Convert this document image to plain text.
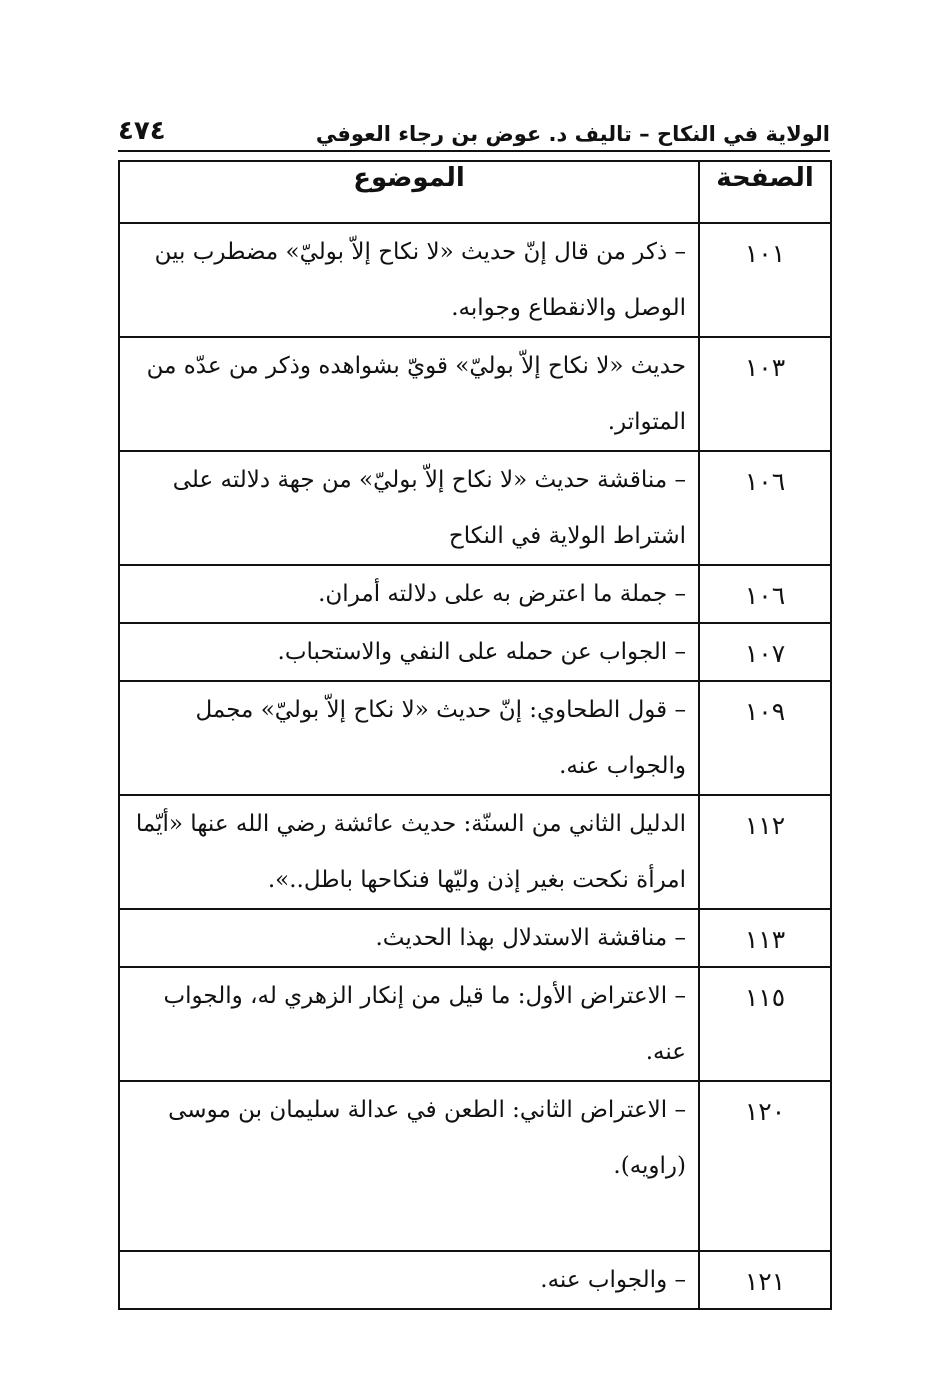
الولاية في النكاح – تاليف د. عوض بن رجاء العوفي
٤٧٤
الصفحة	الموضوع
١٠١	– ذكر من قال إنّ حديث «لا نكاح إلاّ بوليّ» مضطرب بين الوصل والانقطاع وجوابه.
١٠٣	حديث «لا نكاح إلاّ بوليّ» قويّ بشواهده وذكر من عدّه من المتواتر.
١٠٦	– مناقشة حديث «لا نكاح إلاّ بوليّ» من جهة دلالته على اشتراط الولاية في النكاح
١٠٦	– جملة ما اعترض به على دلالته أمران.
١٠٧	– الجواب عن حمله على النفي والاستحباب.
١٠٩	– قول الطحاوي: إنّ حديث «لا نكاح إلاّ بوليّ» مجمل والجواب عنه.
١١٢	الدليل الثاني من السنّة: حديث عائشة رضي الله عنها «أيّما امرأة نكحت بغير إذن وليّها فنكاحها باطل..».
١١٣	– مناقشة الاستدلال بهذا الحديث.
١١٥	– الاعتراض الأول: ما قيل من إنكار الزهري له، والجواب عنه.
١٢٠	– الاعتراض الثاني: الطعن في عدالة سليمان بن موسى (راويه).
١٢١	– والجواب عنه.
